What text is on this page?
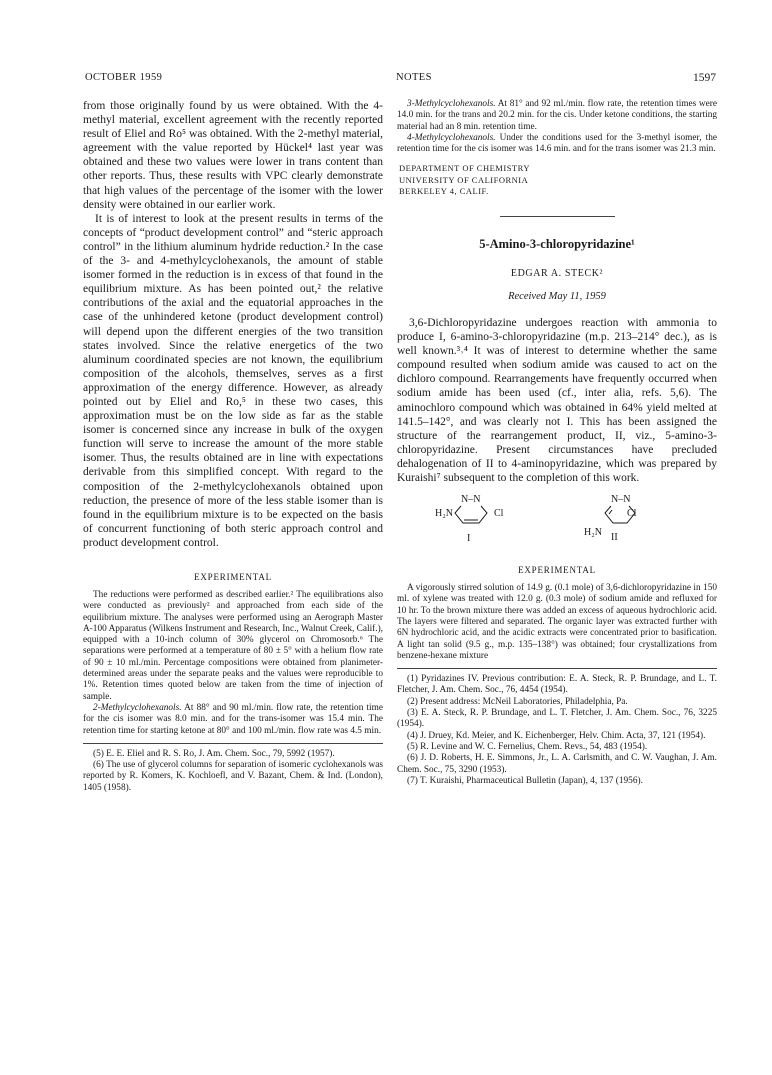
OCTOBER 1959	NOTES	1597

from those originally found by us were obtained. With the 4-methyl material, excellent agreement with the recently reported result of Eliel and Ro⁵ was obtained. With the 2-methyl material, agreement with the value reported by Hückel⁴ last year was obtained and these two values were lower in trans content than other reports. Thus, these results with VPC clearly demonstrate that high values of the percentage of the isomer with the lower density were obtained in our earlier work.

It is of interest to look at the present results in terms of the concepts of “product development control” and “steric approach control” in the lithium aluminum hydride reduction.² In the case of the 3- and 4-methylcyclohexanols, the amount of stable isomer formed in the reduction is in excess of that found in the equilibrium mixture. As has been pointed out,² the relative contributions of the axial and the equatorial approaches in the case of the unhindered ketone (product development control) will depend upon the different energies of the two transition states involved. Since the relative energetics of the two aluminum coordinated species are not known, the equilibrium composition of the alcohols, themselves, serves as a first approximation of the energy difference. However, as already pointed out by Eliel and Ro,⁵ in these two cases, this approximation must be on the low side as far as the stable isomer is concerned since any increase in bulk of the oxygen function will serve to increase the amount of the more stable isomer. Thus, the results obtained are in line with expectations derivable from this simplified concept. With regard to the composition of the 2-methylcyclohexanols obtained upon reduction, the presence of more of the less stable isomer than is found in the equilibrium mixture is to be expected on the basis of concurrent functioning of both steric approach control and product development control.

EXPERIMENTAL

The reductions were performed as described earlier.² The equilibrations also were conducted as previously² and approached from each side of the equilibrium mixture. The analyses were performed using an Aerograph Master A-100 Apparatus (Wilkens Instrument and Research, Inc., Walnut Creek, Calif.), equipped with a 10-inch column of 30% glycerol on Chromosorb.⁶ The separations were performed at a temperature of 80 ± 5° with a helium flow rate of 90 ± 10 ml./min. Percentage compositions were obtained from planimeter-determined areas under the separate peaks and the values were reproducible to 1%. Retention times quoted below are taken from the time of injection of sample.

2-Methylcyclohexanols. At 88° and 90 ml./min. flow rate, the retention time for the cis isomer was 8.0 min. and for the trans-isomer was 15.4 min. The retention time for starting ketone at 80° and 100 ml./min. flow rate was 4.5 min.

(5) E. E. Eliel and R. S. Ro, J. Am. Chem. Soc., 79, 5992 (1957).

(6) The use of glycerol columns for separation of isomeric cyclohexanols was reported by R. Komers, K. Kochloefl, and V. Bazant, Chem. & Ind. (London), 1405 (1958).

3-Methylcyclohexanols. At 81° and 92 ml./min. flow rate, the retention times were 14.0 min. for the trans and 20.2 min. for the cis. Under ketone conditions, the starting material had an 8 min. retention time.

4-Methylcyclohexanols. Under the conditions used for the 3-methyl isomer, the retention time for the cis isomer was 14.6 min. and for the trans isomer was 21.3 min.

DEPARTMENT OF CHEMISTRY
UNIVERSITY OF CALIFORNIA
BERKELEY 4, CALIF.
5-Amino-3-chloropyridazine¹
EDGAR A. STECK²
Received May 11, 1959

3,6-Dichloropyridazine undergoes reaction with ammonia to produce I, 6-amino-3-chloropyridazine (m.p. 213–214° dec.), as is well known.³˒⁴ It was of interest to determine whether the same compound resulted when sodium amide was caused to act on the dichloro compound. Rearrangements have frequently occurred when sodium amide has been used (cf., inter alia, refs. 5,6). The aminochloro compound which was obtained in 64% yield melted at 141.5–142°, and was clearly not I. This has been assigned the structure of the rearrangement product, II, viz., 5-amino-3-chloropyridazine. Present circumstances have precluded dehalogenation of II to 4-aminopyridazine, which was prepared by Kuraishi⁷ subsequent to the completion of this work.

N–N
H₂N	Cl
I
N–N
Cl
H₂N II
EXPERIMENTAL

A vigorously stirred solution of 14.9 g. (0.1 mole) of 3,6-dichloropyridazine in 150 ml. of xylene was treated with 12.0 g. (0.3 mole) of sodium amide and refluxed for 10 hr. To the brown mixture there was added an excess of aqueous hydrochloric acid. The layers were filtered and separated. The organic layer was extracted further with 6N hydrochloric acid, and the acidic extracts were concentrated prior to basification. A light tan solid (9.5 g., m.p. 135–138°) was obtained; four crystallizations from benzene-hexane mixture

(1) Pyridazines IV. Previous contribution: E. A. Steck, R. P. Brundage, and L. T. Fletcher, J. Am. Chem. Soc., 76, 4454 (1954).

(2) Present address: McNeil Laboratories, Philadelphia, Pa.

(3) E. A. Steck, R. P. Brundage, and L. T. Fletcher, J. Am. Chem. Soc., 76, 3225 (1954).

(4) J. Druey, Kd. Meier, and K. Eichenberger, Helv. Chim. Acta, 37, 121 (1954).

(5) R. Levine and W. C. Fernelius, Chem. Revs., 54, 483 (1954).

(6) J. D. Roberts, H. E. Simmons, Jr., L. A. Carlsmith, and C. W. Vaughan, J. Am. Chem. Soc., 75, 3290 (1953).

(7) T. Kuraishi, Pharmaceutical Bulletin (Japan), 4, 137 (1956).
